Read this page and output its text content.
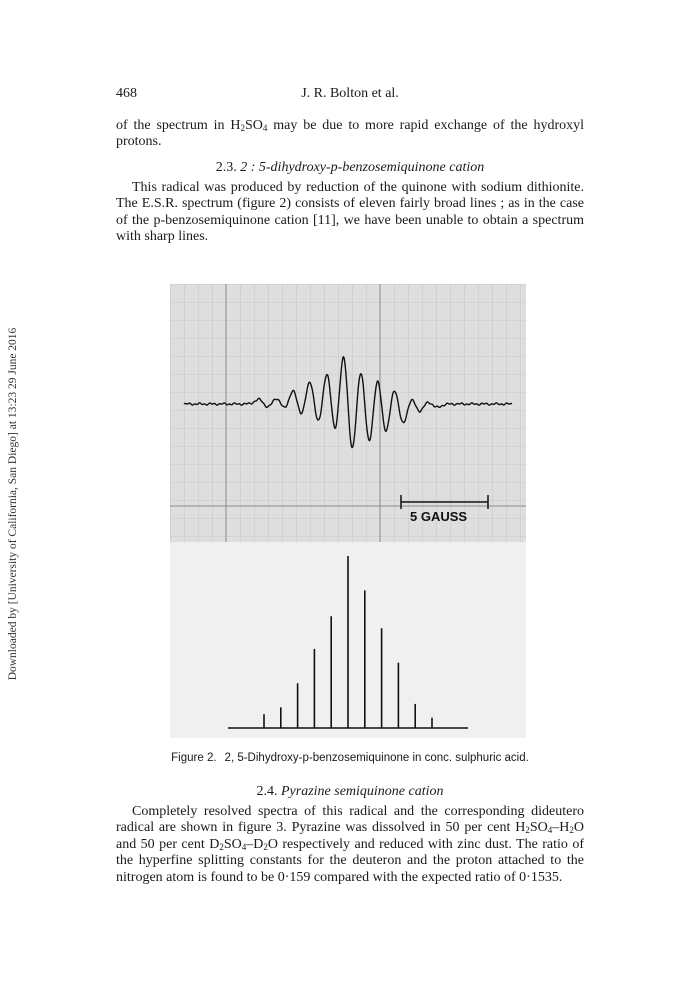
Downloaded by [University of California, San Diego] at 13:23 29 June 2016
468	J. R. Bolton et al.

of the spectrum in $H_2SO_4$ may be due to more rapid exchange of the hydroxyl protons.

2.3. 2 : 5-dihydroxy-p-benzosemiquinone cation

This radical was produced by reduction of the quinone with sodium dithionite. The E.S.R. spectrum (figure 2) consists of eleven fairly broad lines ; as in the case of the p-benzosemiquinone cation [11], we have been unable to obtain a spectrum with sharp lines.

5 GAUSS
Figure 2. 2, 5-Dihydroxy-p-benzosemiquinone in conc. sulphuric acid.
2.4. Pyrazine semiquinone cation

Completely resolved spectra of this radical and the corresponding dideutero radical are shown in figure 3. Pyrazine was dissolved in 50 per cent $H_2SO_4-H_2O$ and 50 per cent $D_2SO_4-D_2O$ respectively and reduced with zinc dust. The ratio of the hyperfine splitting constants for the deuteron and the proton attached to the nitrogen atom is found to be 0·159 compared with the expected ratio of 0·1535.
